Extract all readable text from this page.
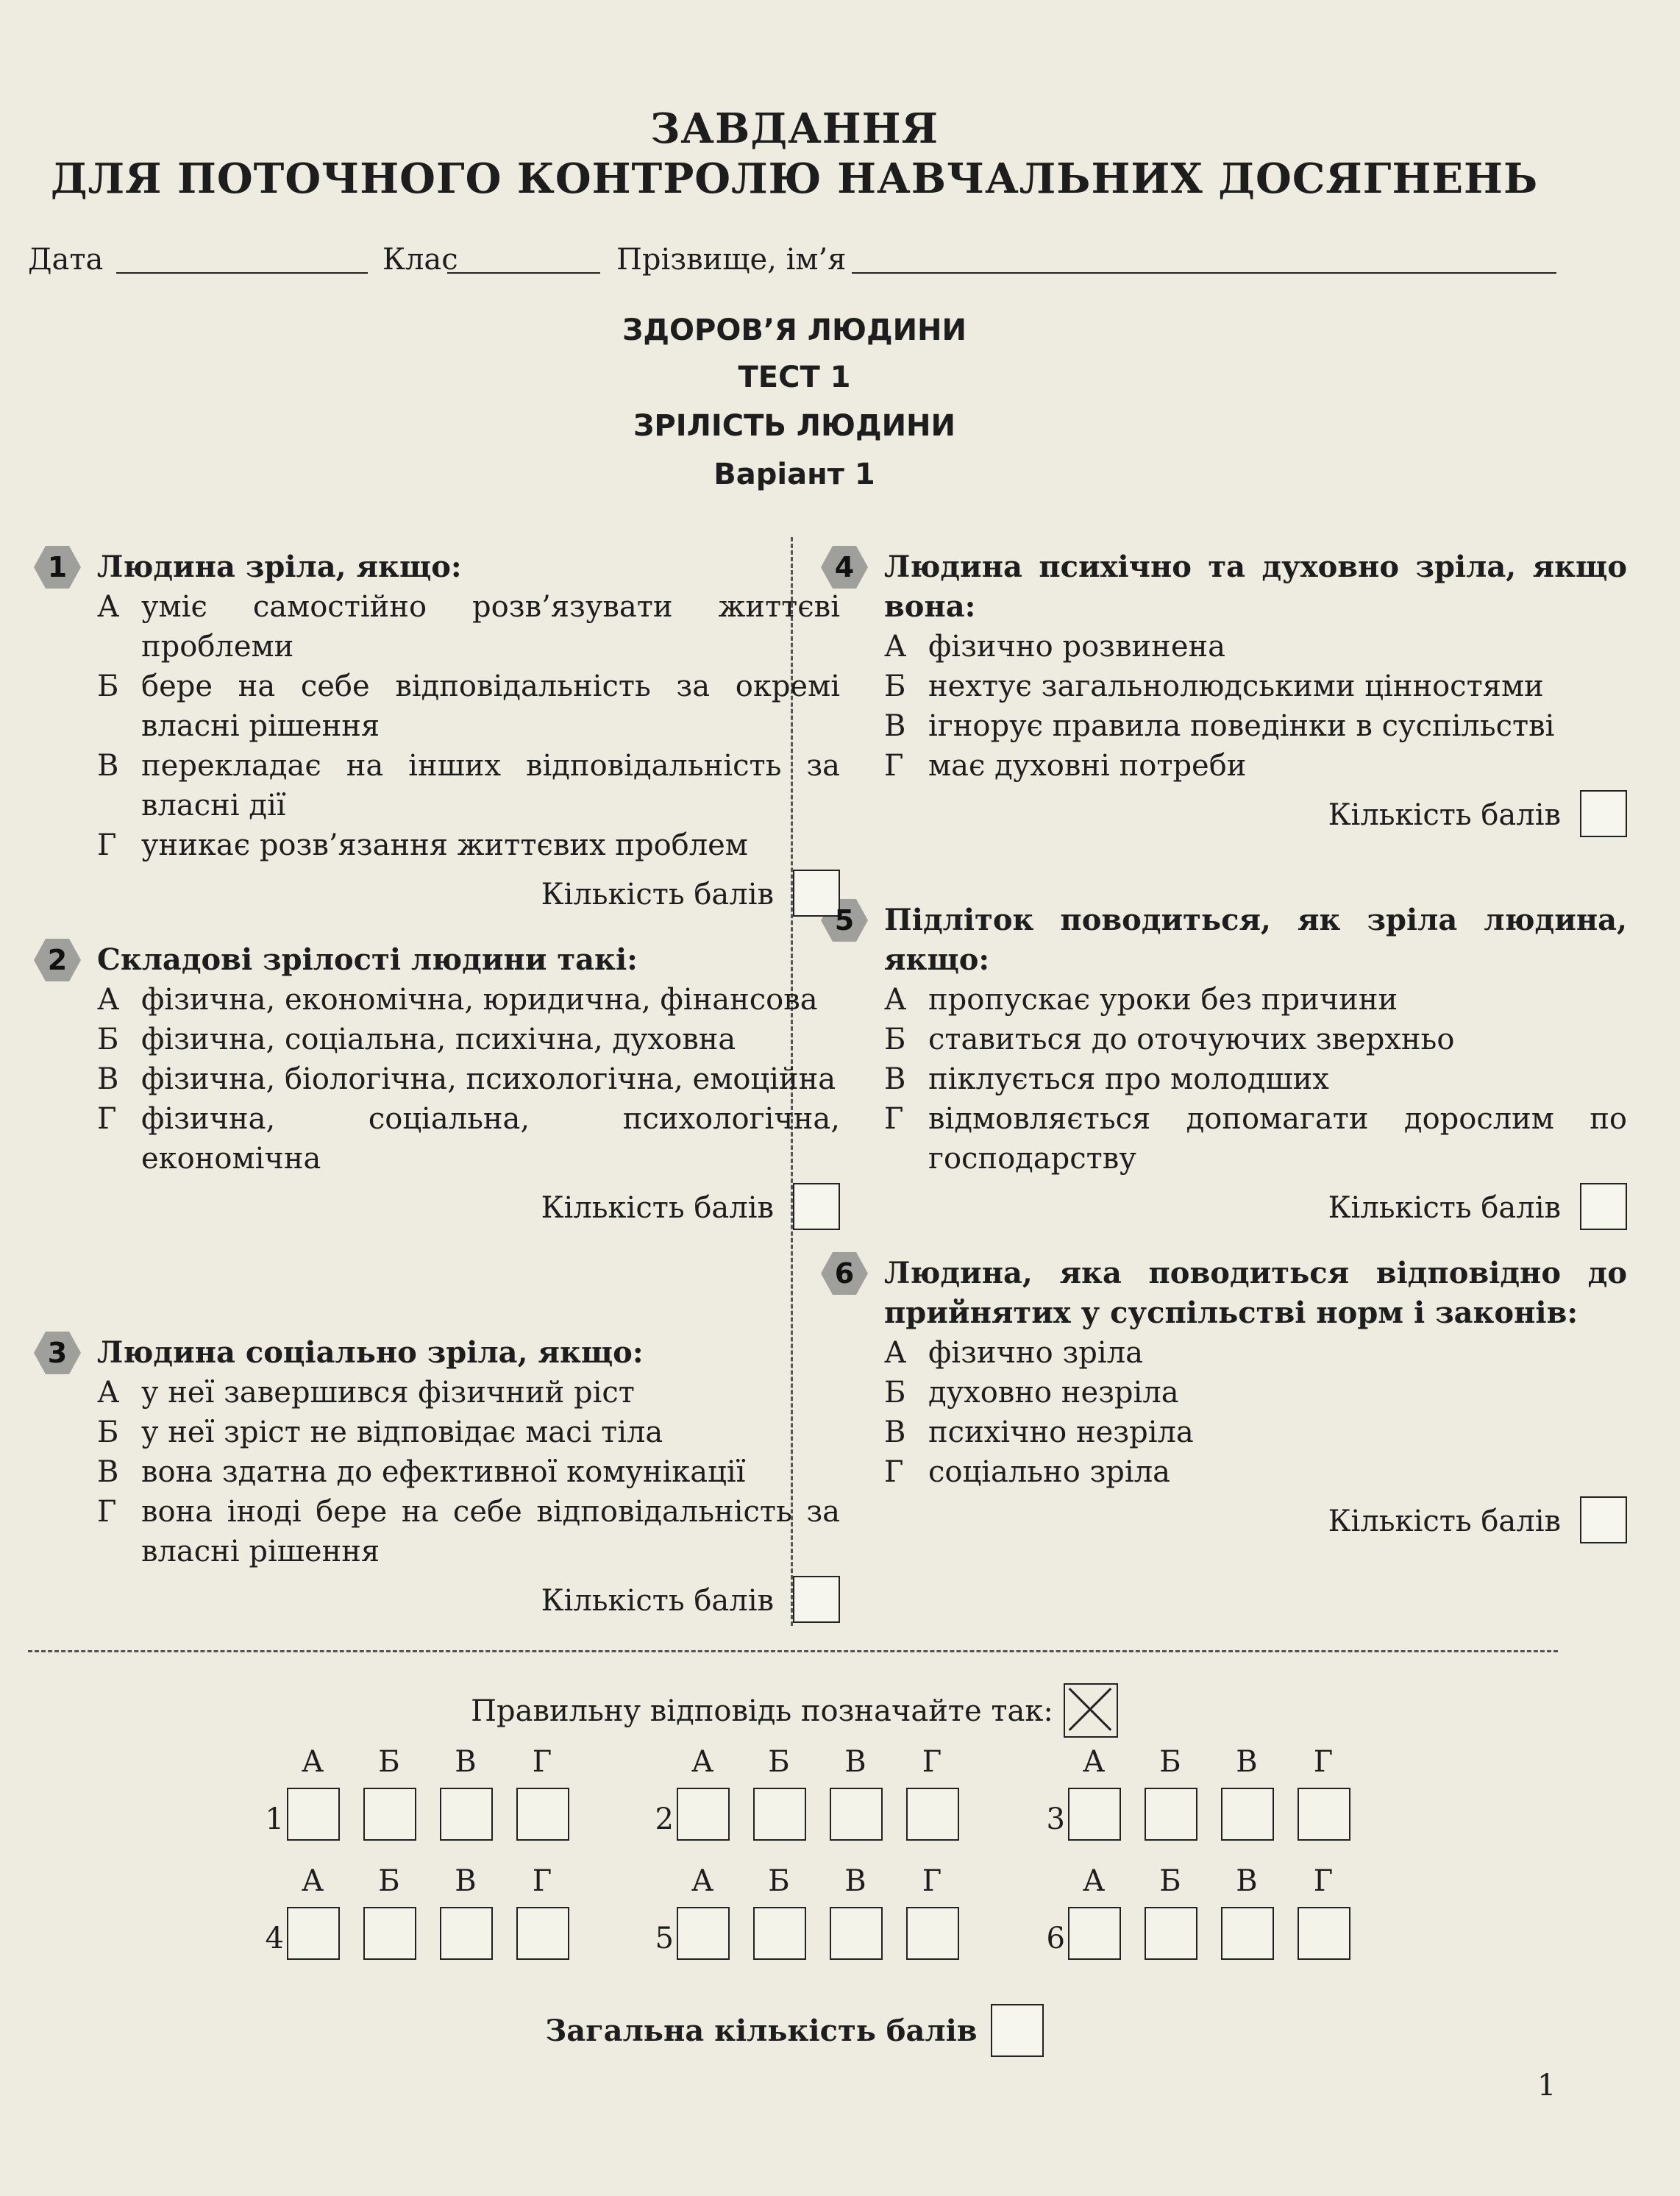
ЗАВДАННЯ
ДЛЯ ПОТОЧНОГО КОНТРОЛЮ НАВЧАЛЬНИХ ДОСЯГНЕНЬ
Дата	Клас	Прізвище, ім’я
ЗДОРОВ’Я ЛЮДИНИ
ТЕСТ 1
ЗРІЛІСТЬ ЛЮДИНИ
Варіант 1
1	Людина зріла, якщо:
А уміє самостійно розв’язувати життєві проблеми
Б бере на себе відповідальність за окремі власні рішення
В перекладає на інших відповідальність за власні дії
Г уникає розв’язання життєвих проблем
Кількість балів
2	Складові зрілості людини такі:
А фізична, економічна, юридична, фінансова
Б фізична, соціальна, психічна, духовна
В фізична, біологічна, психологічна, емоційна
Г фізична, соціальна, психологічна, економічна
Кількість балів
3	Людина соціально зріла, якщо:
А у неї завершився фізичний ріст
Б у неї зріст не відповідає масі тіла
В вона здатна до ефективної комунікації
Г вона іноді бере на себе відповідальність за власні рішення
Кількість балів
4	Людина психічно та духовно зріла, якщо вона:
А фізично розвинена
Б нехтує загальнолюдськими цінностями
В ігнорує правила поведінки в суспільстві
Г має духовні потреби
Кількість балів
5	Підліток поводиться, як зріла людина, якщо:
А пропускає уроки без причини
Б ставиться до оточуючих зверхньо
В піклується про молодших
Г відмовляється допомагати дорослим по господарству
Кількість балів
6	Людина, яка поводиться відповідно до прийнятих у суспільстві норм і законів:
А фізично зріла
Б духовно незріла
В психічно незріла
Г соціально зріла
Кількість балів
Правильну відповідь позначайте так:
А	Б	В	Г
1
А	Б	В	Г
2
А	Б	В	Г
3
А	Б	В	Г
4
А	Б	В	Г
5
А	Б	В	Г
6
Загальна кількість балів
1
